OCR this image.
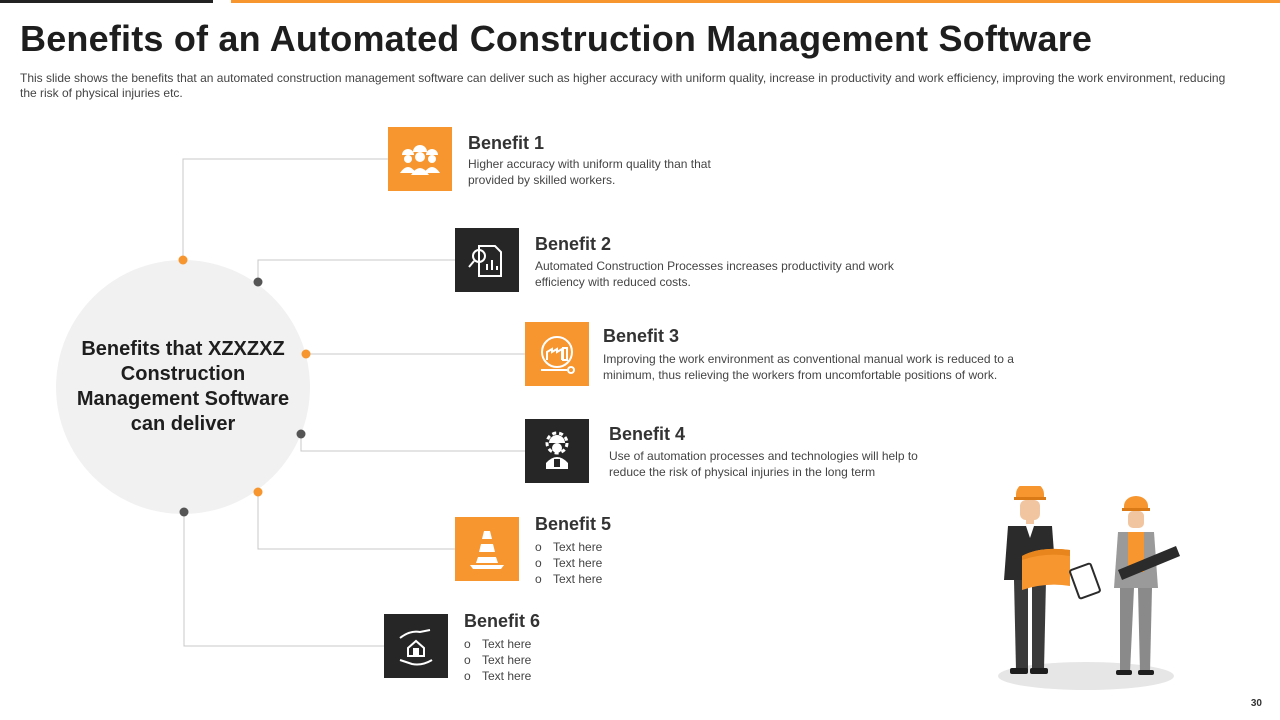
Benefits of an Automated Construction Management Software

This slide shows the benefits that an automated construction management software can deliver such as higher accuracy with uniform quality, increase in productivity and work efficiency, improving the work environment, reducing the risk of physical injuries etc.

Benefits that XZXZXZ Construction Management Software can deliver
Benefit 1

Higher accuracy with uniform quality than that provided by skilled workers.

Benefit 2

Automated Construction Processes increases productivity and work efficiency with reduced costs.

Benefit 3

Improving the work environment as conventional manual work is reduced to a minimum, thus relieving the workers from uncomfortable positions of work.

Benefit 4

Use of automation processes and technologies will help to reduce the risk of physical injuries in the long term

Benefit 5
o Text here
o Text here
o Text here
Benefit 6
o Text here
o Text here
o Text here
30
